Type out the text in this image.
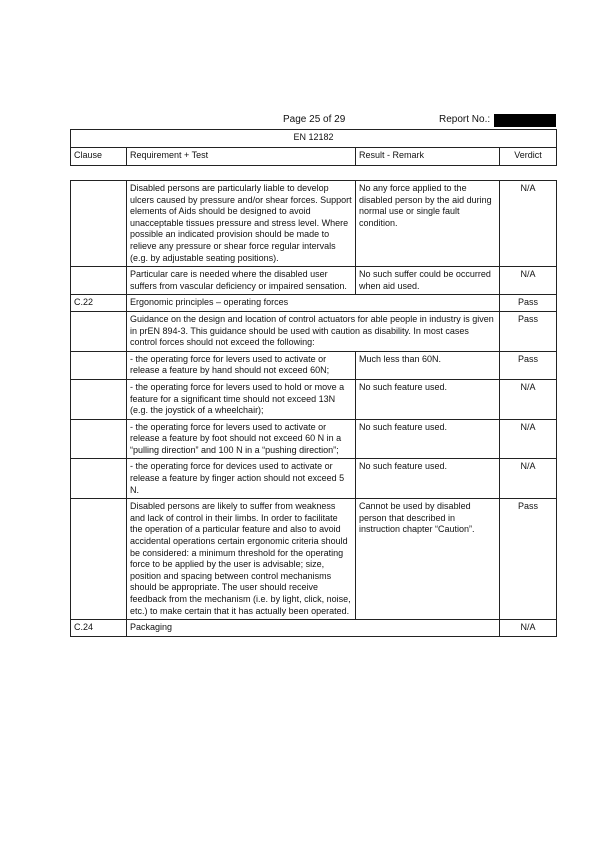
Page 25 of 29	Report No.:
EN 12182
Clause	Requirement + Test	Result - Remark	Verdict
	Disabled persons are particularly liable to develop ulcers caused by pressure and/or shear forces. Support elements of Aids should be designed to avoid unacceptable tissues pressure and stress level. Where possible an indicated provision should be made to relieve any pressure or shear force regular intervals (e.g. by adjustable seating positions).	No any force applied to the disabled person by the aid during normal use or single fault condition.	N/A
	Particular care is needed where the disabled user suffers from vascular deficiency or impaired sensation.	No such suffer could be occurred when aid used.	N/A
C.22	Ergonomic principles – operating forces		Pass
	Guidance on the design and location of control actuators for able people in industry is given in prEN 894-3. This guidance should be used with caution as disability. In most cases control forces should not exceed the following:		Pass
	- the operating force for levers used to activate or release a feature by hand should not exceed 60N;	Much less than 60N.	Pass
	- the operating force for levers used to hold or move a feature for a significant time should not exceed 13N (e.g. the joystick of a wheelchair);	No such feature used.	N/A
	- the operating force for levers used to activate or release a feature by foot should not exceed 60 N in a “pulling direction” and 100 N in a “pushing direction”;	No such feature used.	N/A
	- the operating force for devices used to activate or release a feature by finger action should not exceed 5 N.	No such feature used.	N/A
	Disabled persons are likely to suffer from weakness and lack of control in their limbs. In order to facilitate the operation of a particular feature and also to avoid accidental operations certain ergonomic criteria should be considered: a minimum threshold for the operating force to be applied by the user is advisable; size, position and spacing between control mechanisms should be appropriate. The user should receive feedback from the mechanism (i.e. by light, click, noise, etc.) to make certain that it has actually been operated.	Cannot be used by disabled person that described in instruction chapter “Caution”.	Pass
C.24	Packaging		N/A
